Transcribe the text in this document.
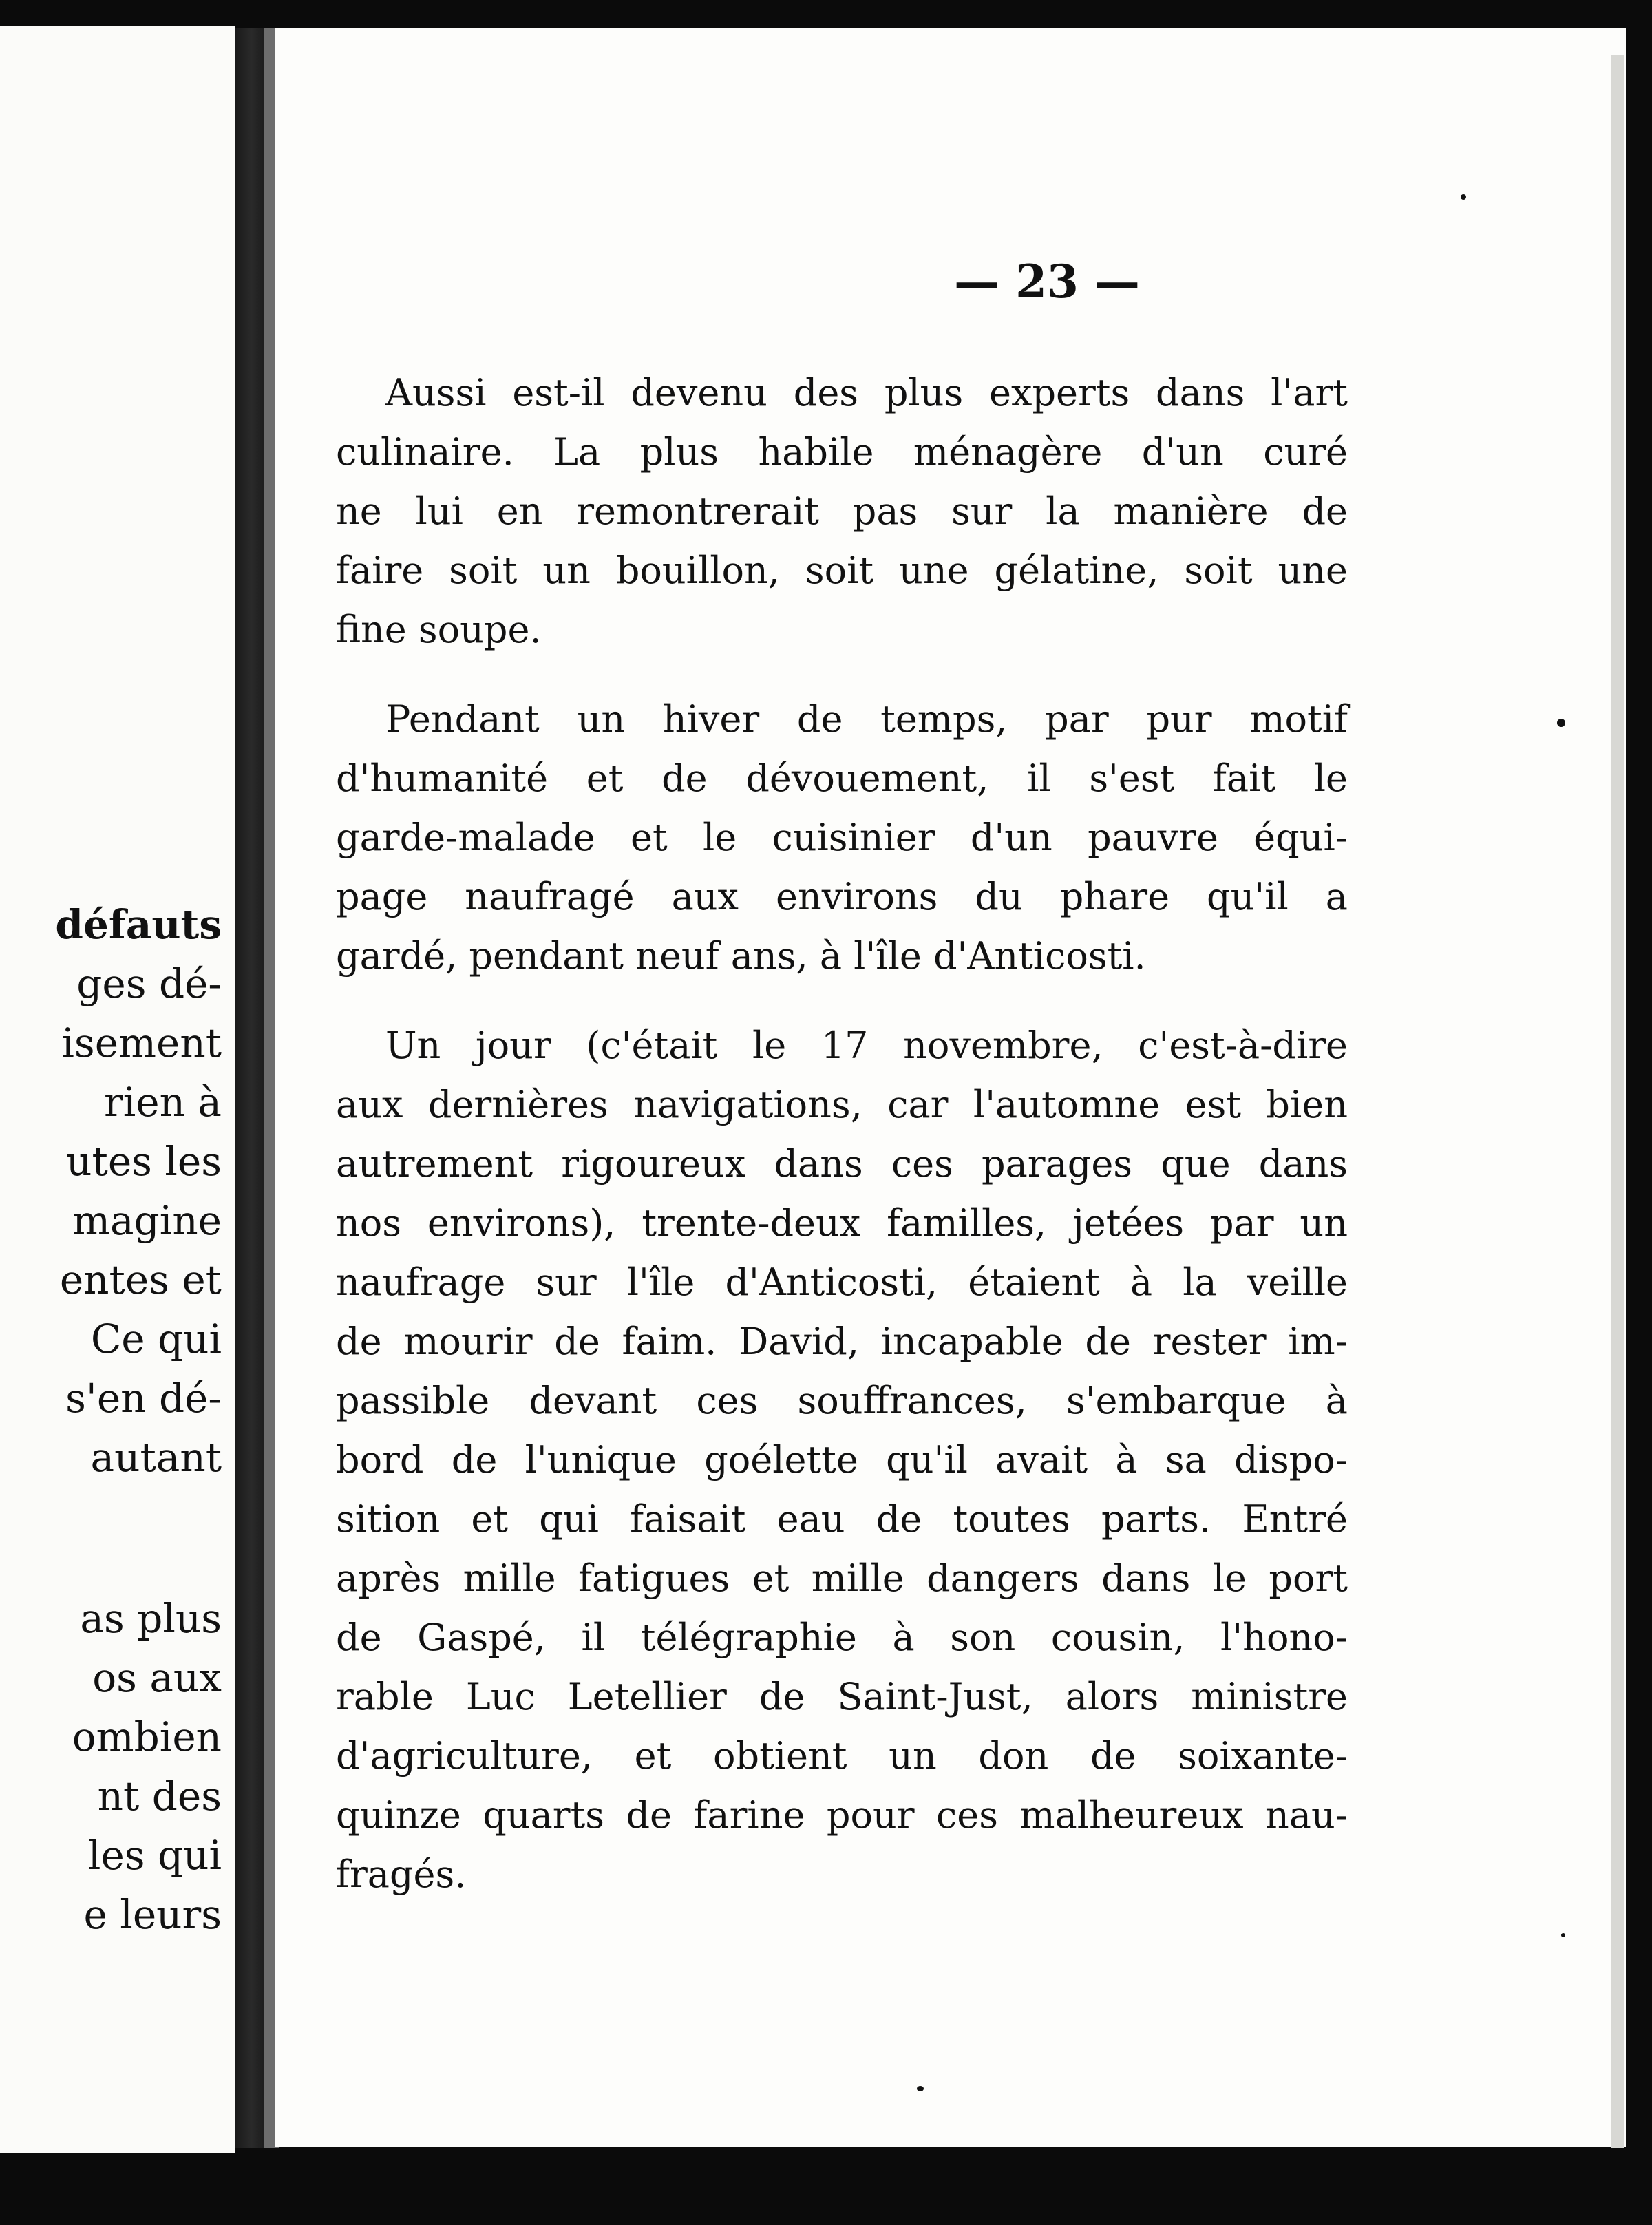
défauts
ges dé-
isement
rien à
utes les
magine
entes et
Ce qui
s'en dé-
autant
as plus
os aux
ombien
nt des
les qui
e leurs
— 23 —
Aussi est-il devenu des plus experts dans l'art
culinaire. La plus habile ménagère d'un curé
ne lui en remontrerait pas sur la manière de
faire soit un bouillon, soit une gélatine, soit une
fine soupe.
Pendant un hiver de temps, par pur motif
d'humanité et de dévouement, il s'est fait le
garde-malade et le cuisinier d'un pauvre équi-
page naufragé aux environs du phare qu'il a
gardé, pendant neuf ans, à l'île d'Anticosti.
Un jour (c'était le 17 novembre, c'est-à-dire
aux dernières navigations, car l'automne est bien
autrement rigoureux dans ces parages que dans
nos environs), trente-deux familles, jetées par un
naufrage sur l'île d'Anticosti, étaient à la veille
de mourir de faim. David, incapable de rester im-
passible devant ces souffrances, s'embarque à
bord de l'unique goélette qu'il avait à sa dispo-
sition et qui faisait eau de toutes parts. Entré
après mille fatigues et mille dangers dans le port
de Gaspé, il télégraphie à son cousin, l'hono-
rable Luc Letellier de Saint-Just, alors ministre
d'agriculture, et obtient un don de soixante-
quinze quarts de farine pour ces malheureux nau-
fragés.
